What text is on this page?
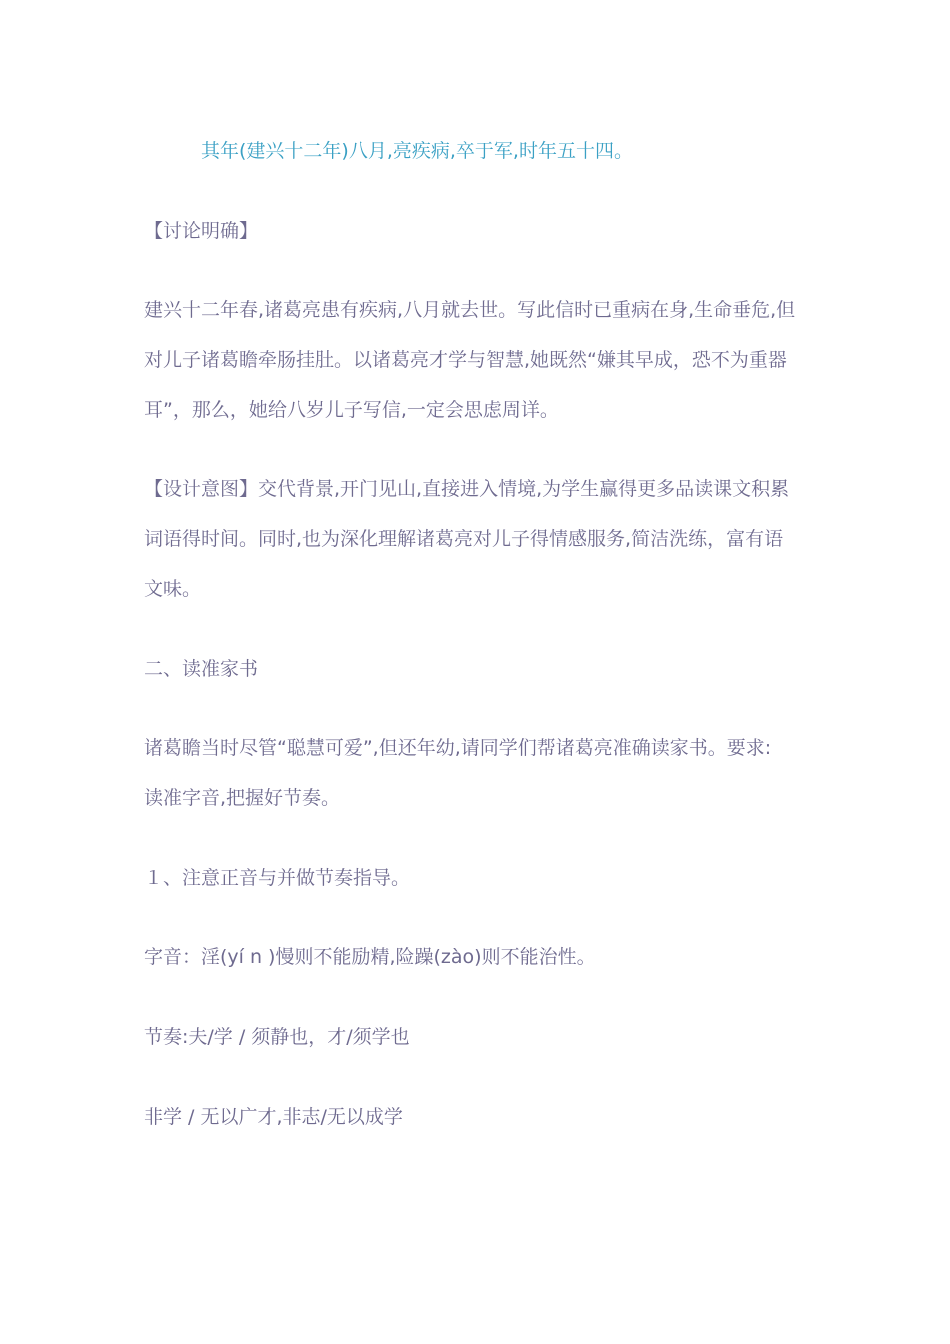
其年(建兴十二年)八月,亮疾病,卒于军,时年五十四。
【讨论明确】
建兴十二年春,诸葛亮患有疾病,八月就去世。写此信时已重病在身,生命垂危,但
对儿子诸葛瞻牵肠挂肚。以诸葛亮才学与智慧,她既然“嫌其早成，恐不为重器
耳”，那么，她给八岁儿子写信,一定会思虑周详。
【设计意图】交代背景,开门见山,直接进入情境,为学生赢得更多品读课文积累
词语得时间。同时,也为深化理解诸葛亮对儿子得情感服务,简洁洗练，富有语
文味。
二、读准家书
诸葛瞻当时尽管“聪慧可爱”,但还年幼,请同学们帮诸葛亮准确读家书。要求:
读准字音,把握好节奏。
１、注意正音与并做节奏指导。
字音：淫(yí n )慢则不能励精,险躁(zào)则不能治性。
节奏:夫/学 / 须静也，才/须学也
非学 / 无以广才,非志/无以成学
